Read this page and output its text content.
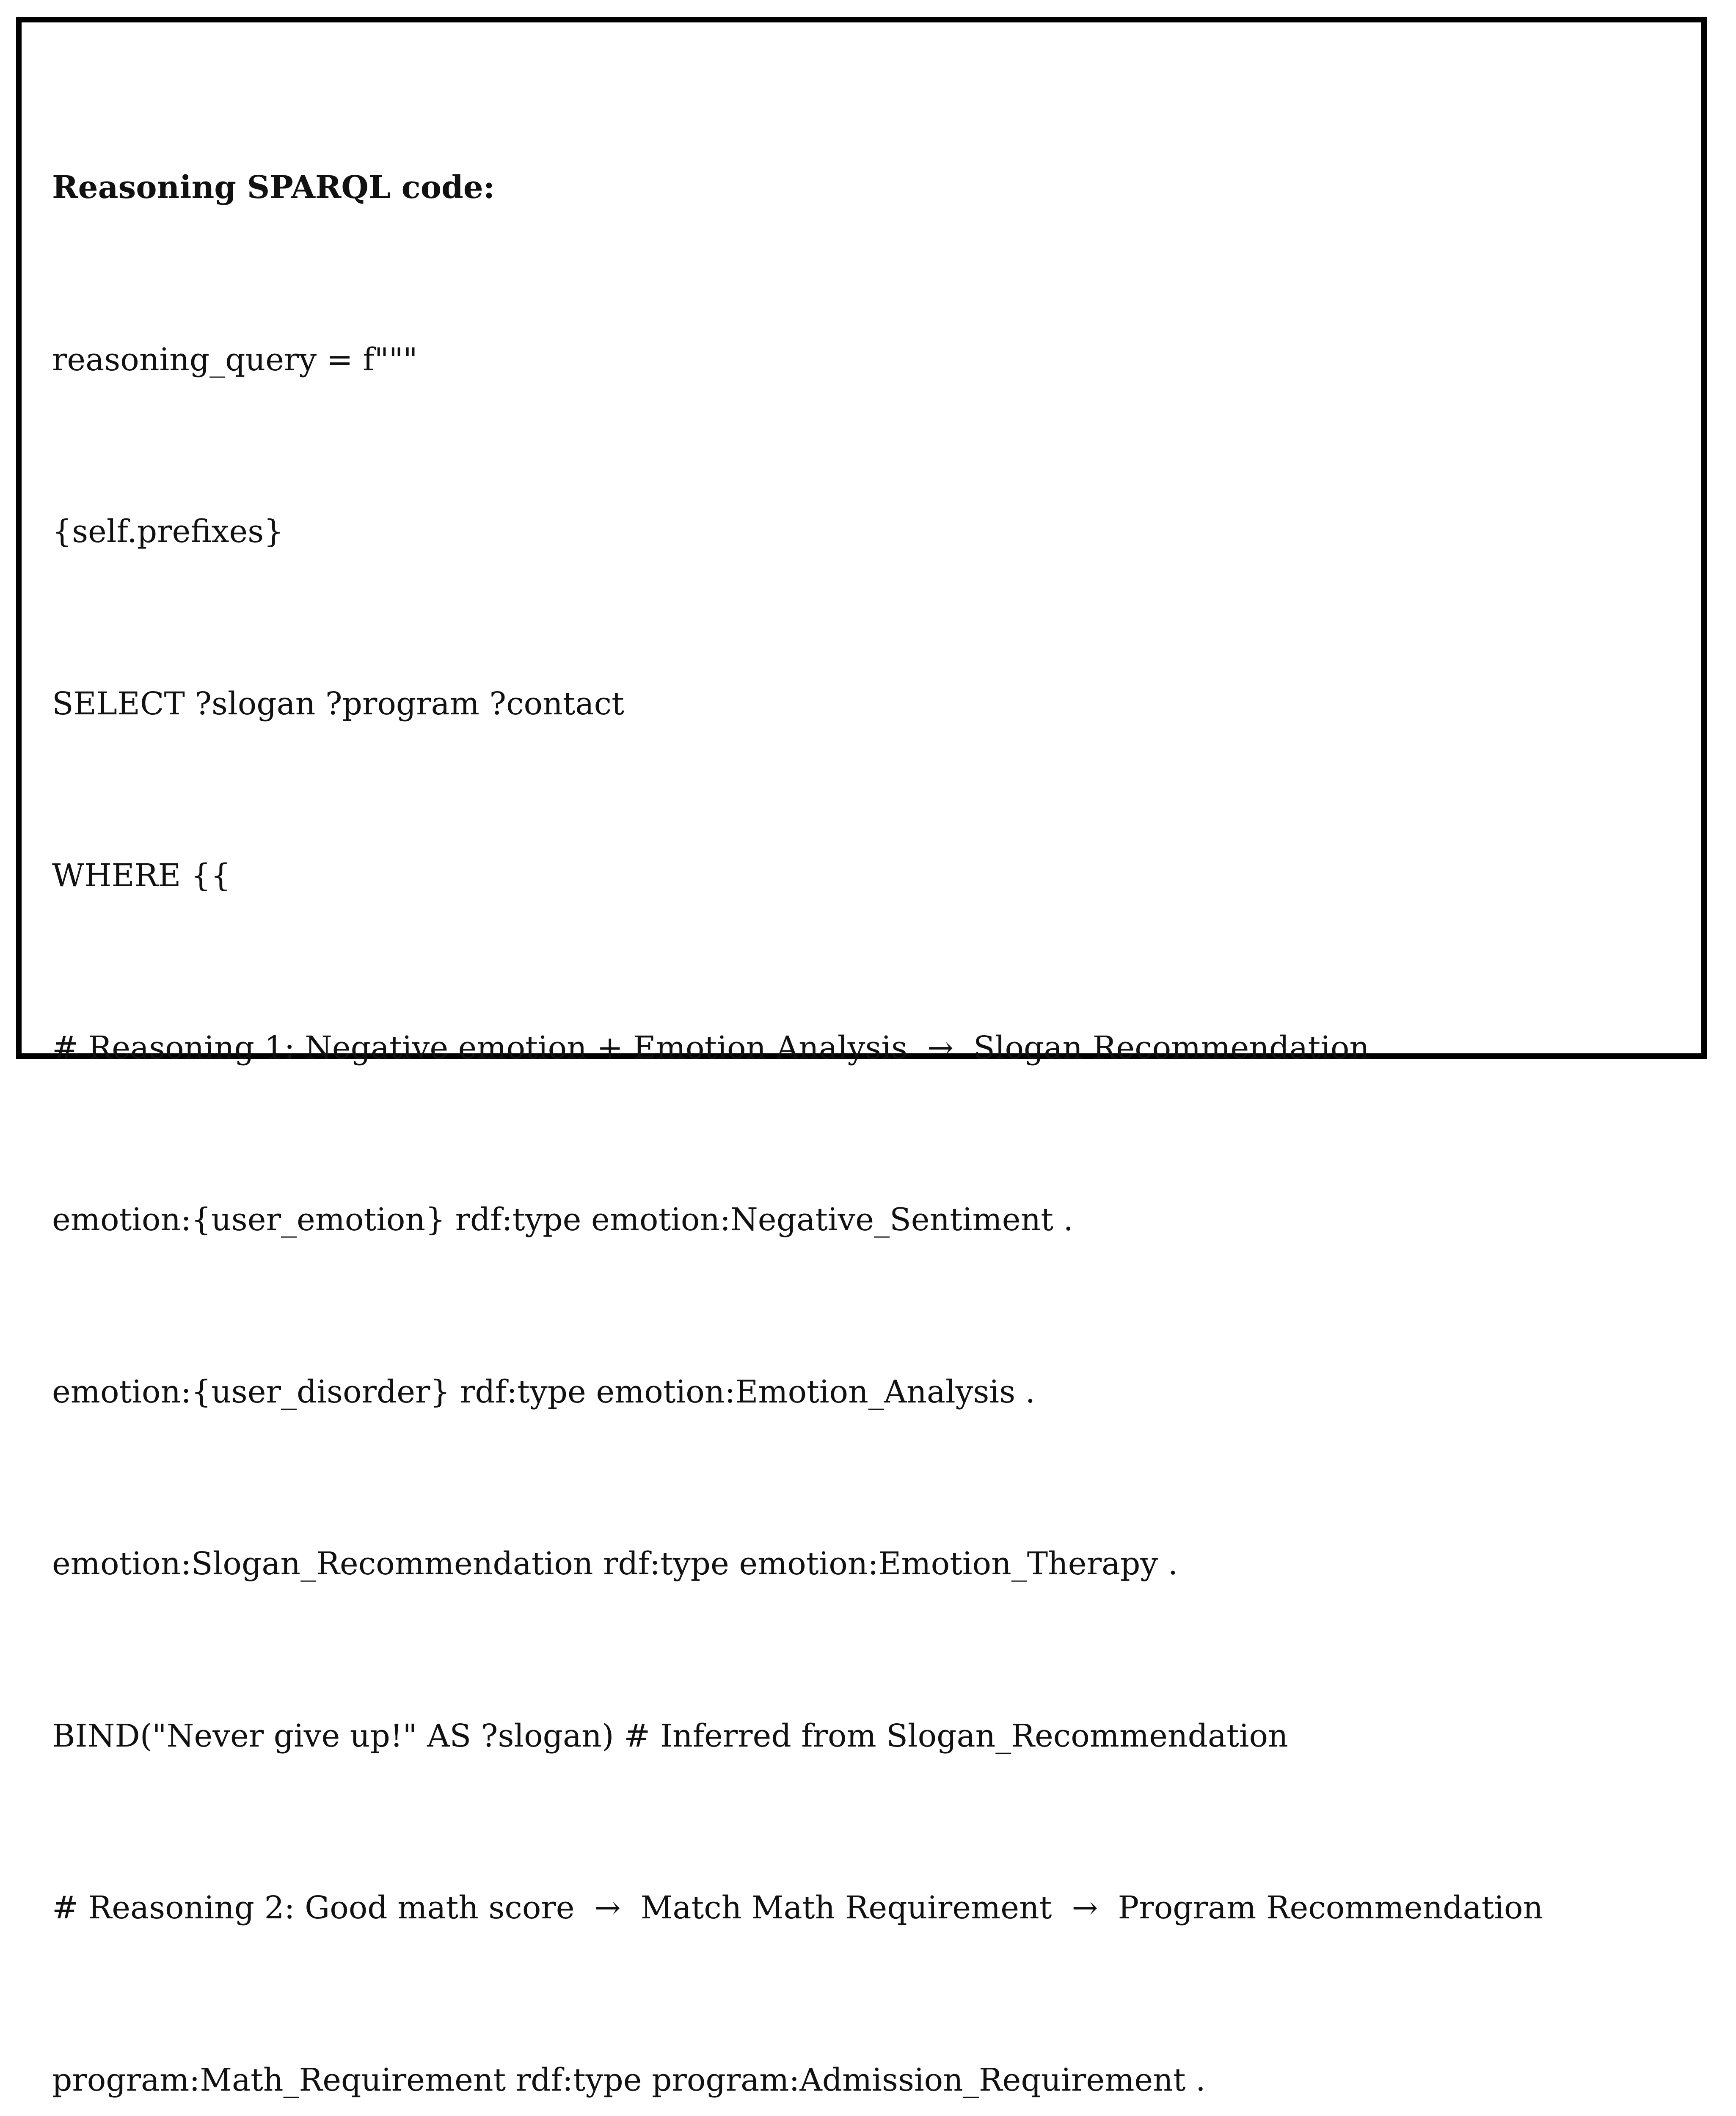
Reasoning SPARQL code:

reasoning_query = f"""

{self.prefixes}

SELECT ?slogan ?program ?contact

WHERE {{

# Reasoning 1: Negative emotion + Emotion Analysis  →  Slogan Recommendation

emotion:{user_emotion} rdf:type emotion:Negative_Sentiment .

emotion:{user_disorder} rdf:type emotion:Emotion_Analysis .

emotion:Slogan_Recommendation rdf:type emotion:Emotion_Therapy .

BIND("Never give up!" AS ?slogan) # Inferred from Slogan_Recommendation

# Reasoning 2: Good math score  →  Match Math Requirement  →  Program Recommendation

program:Math_Requirement rdf:type program:Admission_Requirement .
